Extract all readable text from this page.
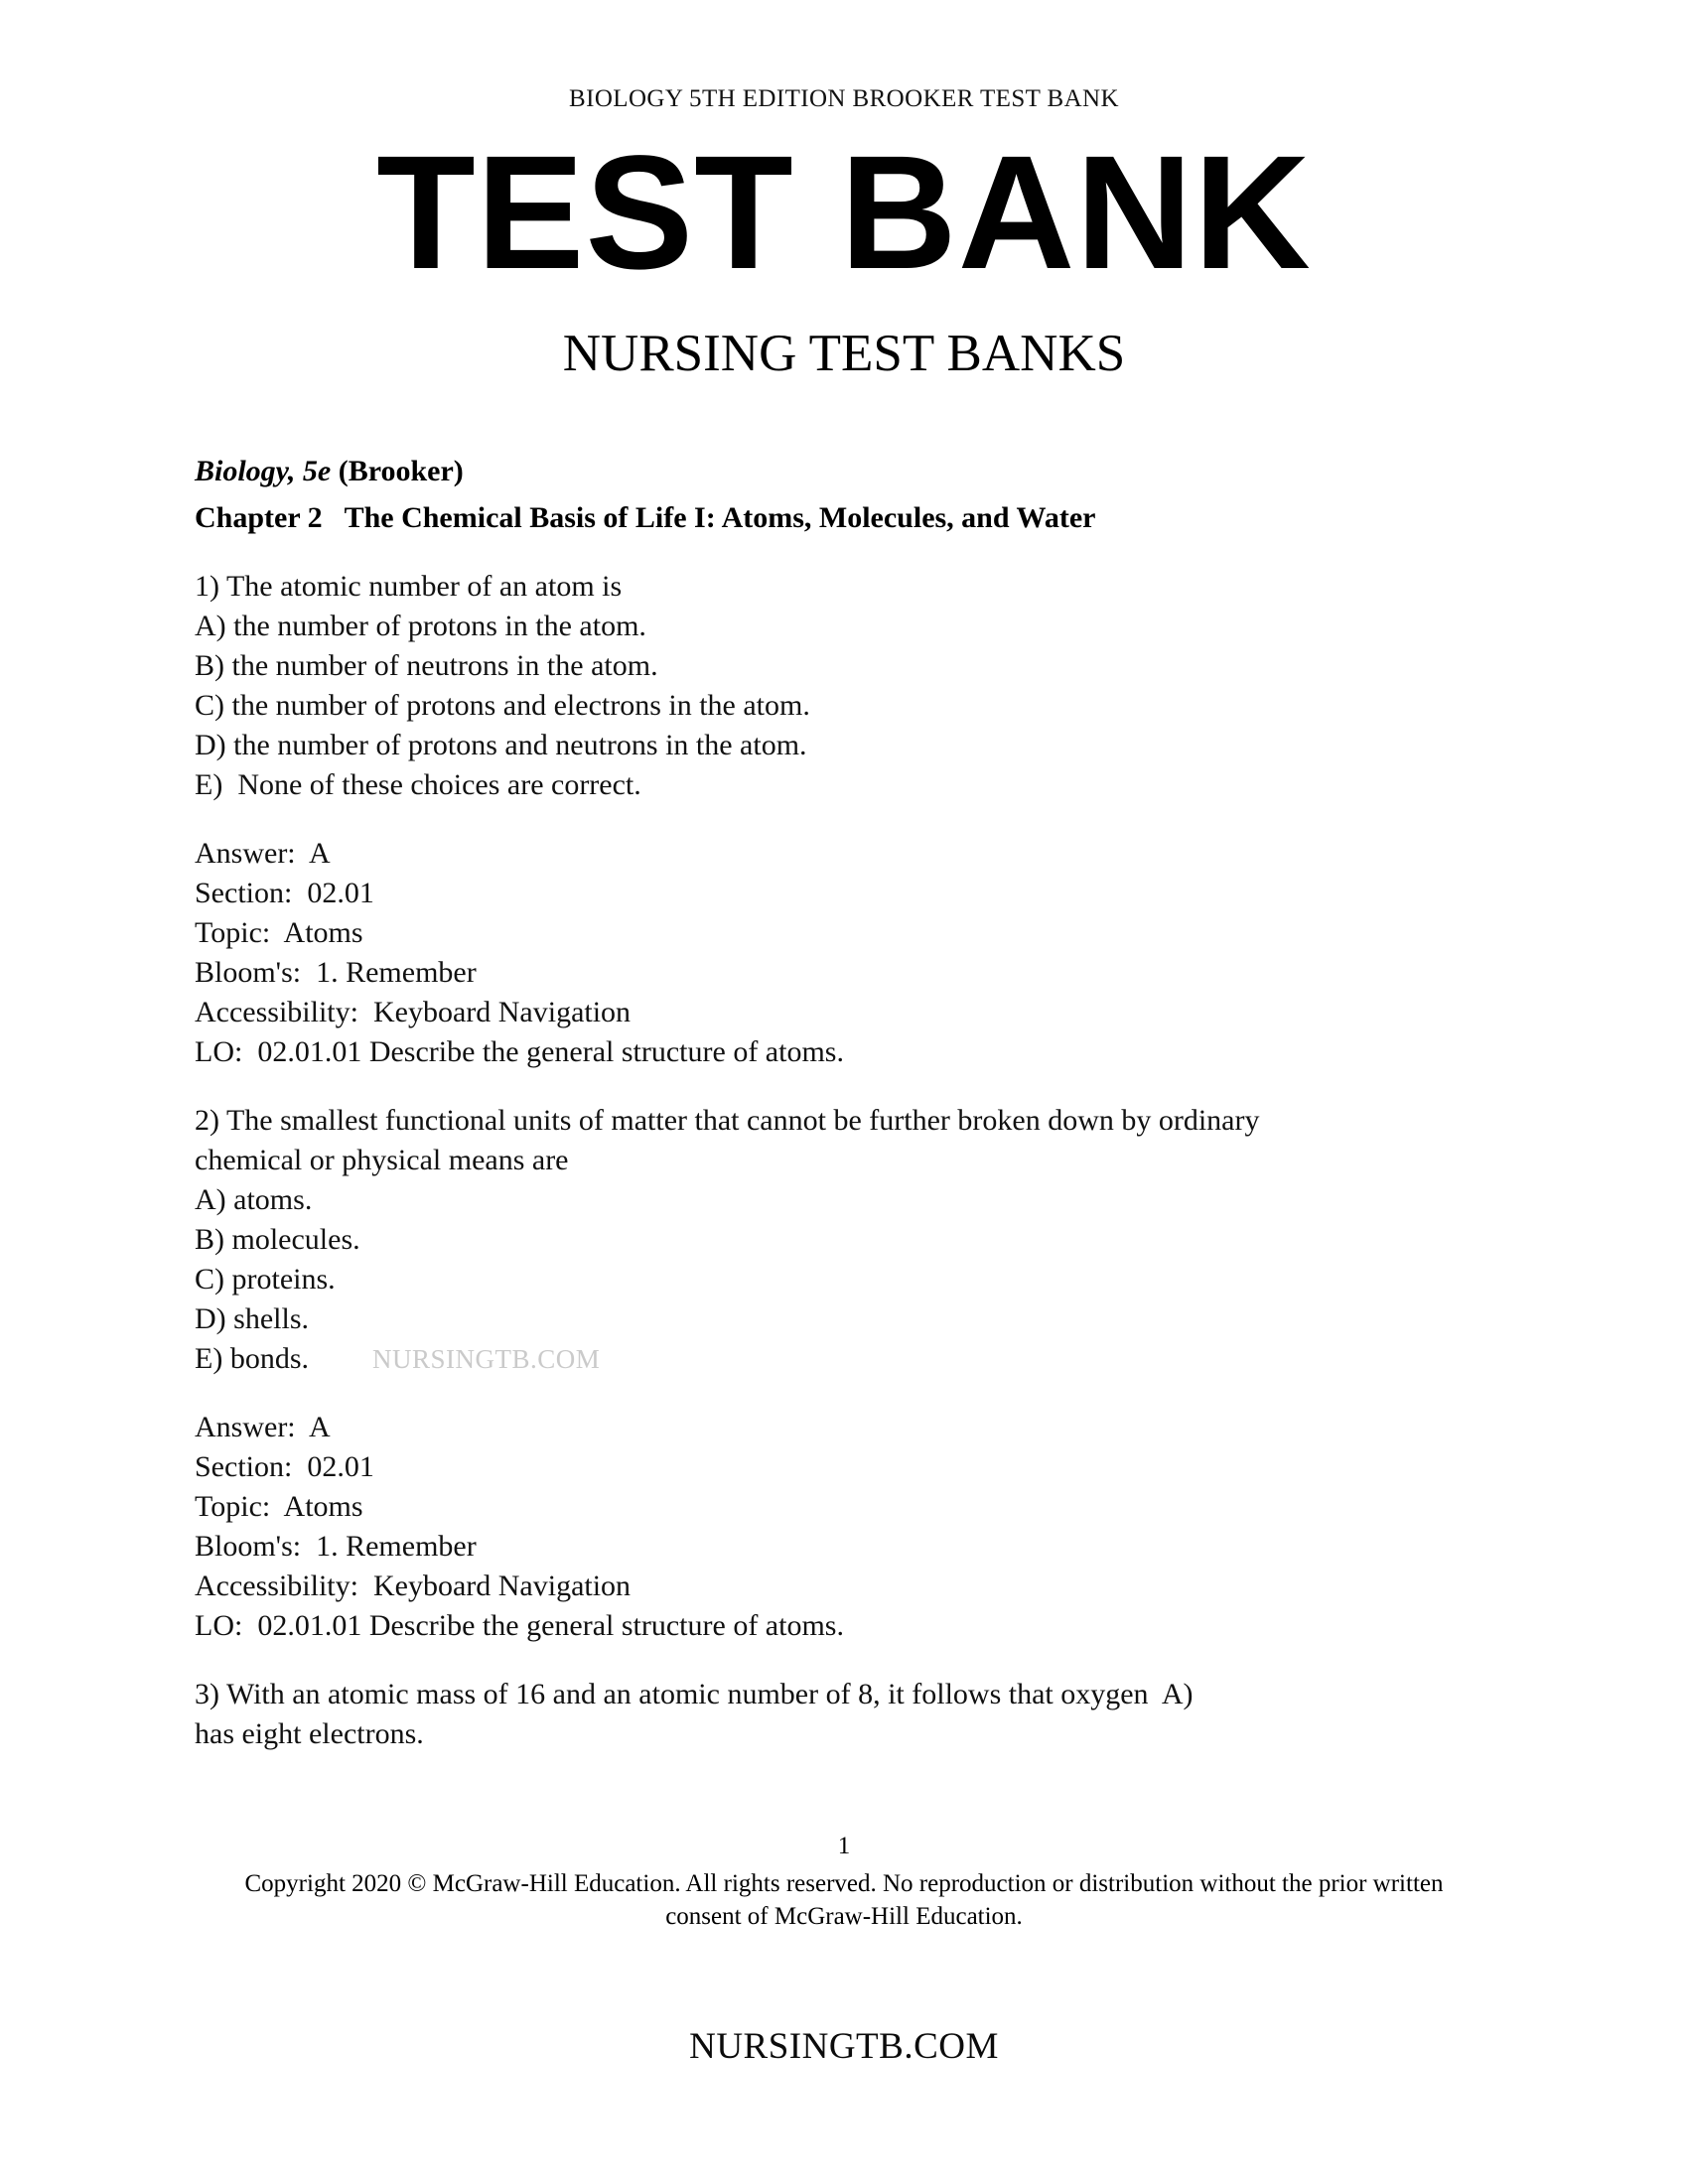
BIOLOGY 5TH EDITION BROOKER TEST BANK
TEST BANK
NURSING TEST BANKS
Biology, 5e (Brooker)
Chapter 2   The Chemical Basis of Life I: Atoms, Molecules, and Water
1) The atomic number of an atom is
A) the number of protons in the atom.
B) the number of neutrons in the atom.
C) the number of protons and electrons in the atom.
D) the number of protons and neutrons in the atom.
E)  None of these choices are correct.
Answer:  A
Section:  02.01
Topic:  Atoms
Bloom's:  1. Remember
Accessibility:  Keyboard Navigation
LO:  02.01.01 Describe the general structure of atoms.
2) The smallest functional units of matter that cannot be further broken down by ordinary chemical or physical means are
A) atoms.
B) molecules.
C) proteins.
D) shells.
E) bonds. NURSINGTB.COM
Answer:  A
Section:  02.01
Topic:  Atoms
Bloom's:  1. Remember
Accessibility:  Keyboard Navigation
LO:  02.01.01 Describe the general structure of atoms.
3) With an atomic mass of 16 and an atomic number of 8, it follows that oxygen  A)
has eight electrons.
1
Copyright 2020 © McGraw-Hill Education. All rights reserved. No reproduction or distribution without the prior written
consent of McGraw-Hill Education.
NURSINGTB.COM
